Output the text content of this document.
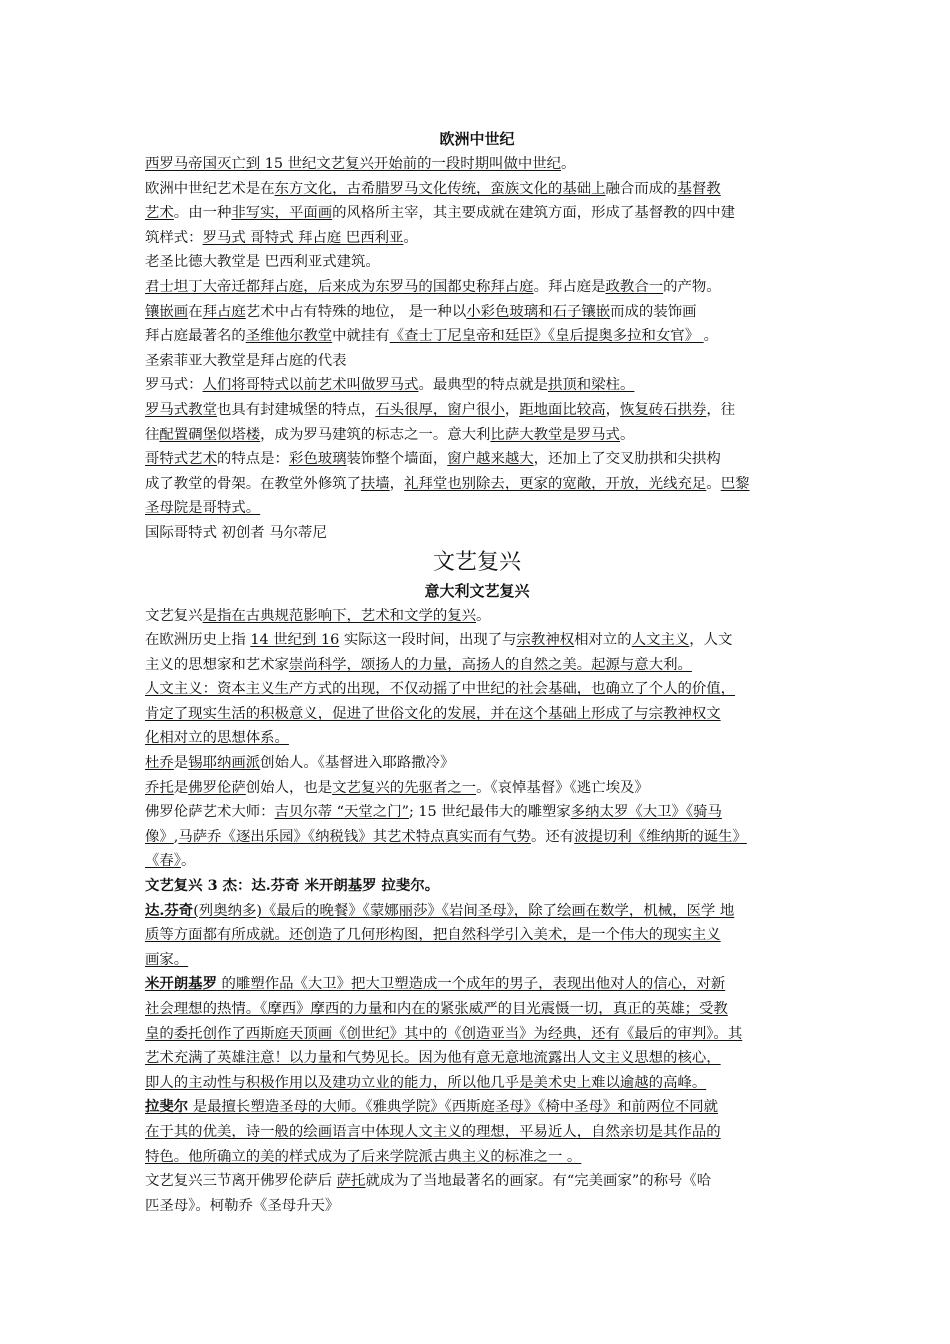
欧洲中世纪
西罗马帝国灭亡到 15 世纪文艺复兴开始前的一段时期叫做中世纪。
欧洲中世纪艺术是在东方文化，古希腊罗马文化传统，蛮族文化的基础上融合而成的基督教
艺术。由一种非写实，平面画的风格所主宰，其主要成就在建筑方面，形成了基督教的四中建
筑样式：罗马式 哥特式 拜占庭 巴西利亚。
老圣比德大教堂是 巴西利亚式建筑。
君士坦丁大帝迁都拜占庭，后来成为东罗马的国都史称拜占庭。拜占庭是政教合一的产物。
镶嵌画在拜占庭艺术中占有特殊的地位， 是一种以小彩色玻璃和石子镶嵌而成的装饰画
拜占庭最著名的圣维他尔教堂中就挂有《查士丁尼皇帝和廷臣》《皇后提奥多拉和女官》 。
圣索菲亚大教堂是拜占庭的代表
罗马式：人们将哥特式以前艺术叫做罗马式。最典型的特点就是拱顶和梁柱。
罗马式教堂也具有封建城堡的特点，石头很厚，窗户很小，距地面比较高，恢复砖石拱券，往
往配置碉堡似塔楼，成为罗马建筑的标志之一。意大利比萨大教堂是罗马式。
哥特式艺术的特点是：彩色玻璃装饰整个墙面，窗户越来越大，还加上了交叉肋拱和尖拱构
成了教堂的骨架。在教堂外修筑了扶墙，礼拜堂也别除去，更家的宽敞，开放，光线充足。巴黎
圣母院是哥特式。
国际哥特式 初创者 马尔蒂尼
文艺复兴
意大利文艺复兴
文艺复兴是指在古典规范影响下，艺术和文学的复兴。
在欧洲历史上指 14 世纪到 16 实际这一段时间，出现了与宗教神权相对立的人文主义，人文
主义的思想家和艺术家崇尚科学，颂扬人的力量，高扬人的自然之美。起源与意大利。
人文主义：资本主义生产方式的出现，不仅动摇了中世纪的社会基础，也确立了个人的价值，
肯定了现实生活的积极意义，促进了世俗文化的发展，并在这个基础上形成了与宗教神权文
化相对立的思想体系。
杜乔是锡耶纳画派创始人。《基督进入耶路撒冷》
乔托是佛罗伦萨创始人，也是文艺复兴的先驱者之一。《哀悼基督》《逃亡埃及》
佛罗伦萨艺术大师：吉贝尔蒂 “天堂之门”; 15 世纪最伟大的雕塑家多纳太罗《大卫》《骑马
像》,马萨乔《逐出乐园》《纳税钱》其艺术特点真实而有气势。还有波提切利《维纳斯的诞生》
《春》。
文艺复兴 3 杰：达.芬奇 米开朗基罗 拉斐尔。
达.芬奇(列奥纳多)《最后的晚餐》《蒙娜丽莎》《岩间圣母》，除了绘画在数学，机械，医学 地
质等方面都有所成就。还创造了几何形构图，把自然科学引入美术，是一个伟大的现实主义
画家。
米开朗基罗 的雕塑作品《大卫》把大卫塑造成一个成年的男子，表现出他对人的信心，对新
社会理想的热情。《摩西》摩西的力量和内在的紧张威严的目光震慑一切，真正的英雄；受教
皇的委托创作了西斯庭天顶画《创世纪》其中的《创造亚当》为经典，还有《最后的审判》。其
艺术充满了英雄注意！以力量和气势见长。因为他有意无意地流露出人文主义思想的核心，
即人的主动性与积极作用以及建功立业的能力，所以他几乎是美术史上难以逾越的高峰。
拉斐尔 是最擅长塑造圣母的大师。《雅典学院》《西斯庭圣母》《椅中圣母》和前两位不同就
在于其的优美，诗一般的绘画语言中体现人文主义的理想，平易近人，自然亲切是其作品的
特色。他所确立的美的样式成为了后来学院派古典主义的标准之一 。
文艺复兴三节离开佛罗伦萨后 萨托就成为了当地最著名的画家。有“完美画家”的称号《哈
匹圣母》。柯勒乔《圣母升天》
